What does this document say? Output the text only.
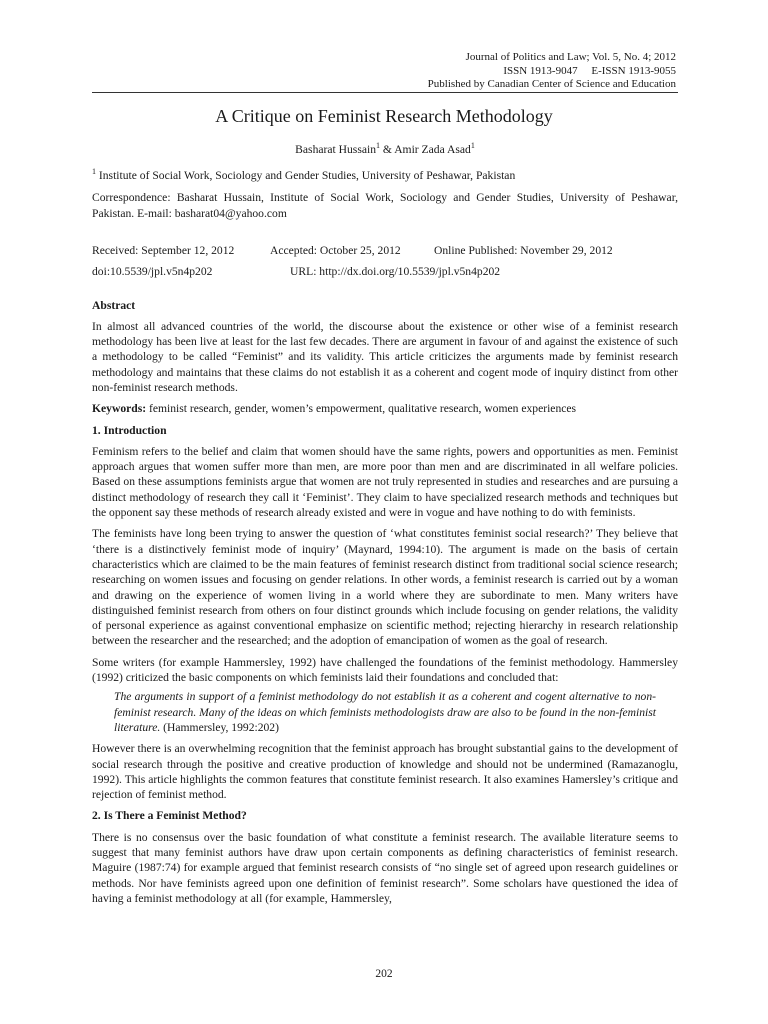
Journal of Politics and Law; Vol. 5, No. 4; 2012
ISSN 1913-9047     E-ISSN 1913-9055
Published by Canadian Center of Science and Education
A Critique on Feminist Research Methodology
Basharat Hussain$^1$ & Amir Zada Asad$^1$
$^1$ Institute of Social Work, Sociology and Gender Studies, University of Peshawar, Pakistan

Correspondence: Basharat Hussain, Institute of Social Work, Sociology and Gender Studies, University of Peshawar, Pakistan. E-mail: basharat04@yahoo.com

Received: September 12, 2012	Accepted: October 25, 2012	Online Published: November 29, 2012
doi:10.5539/jpl.v5n4p202	URL: http://dx.doi.org/10.5539/jpl.v5n4p202
Abstract

In almost all advanced countries of the world, the discourse about the existence or other wise of a feminist research methodology has been live at least for the last few decades. There are argument in favour of and against the existence of such a methodology to be called “Feminist” and its validity. This article criticizes the arguments made by feminist research methodology and maintains that these claims do not establish it as a coherent and cogent mode of inquiry distinct from other non-feminist research methods.

Keywords: feminist research, gender, women’s empowerment, qualitative research, women experiences

1. Introduction

Feminism refers to the belief and claim that women should have the same rights, powers and opportunities as men. Feminist approach argues that women suffer more than men, are more poor than men and are discriminated in all welfare policies. Based on these assumptions feminists argue that women are not truly represented in studies and researches and are pursuing a distinct methodology of research they call it ‘Feminist’. They claim to have specialized research methods and techniques but the opponent say these methods of research already existed and were in vogue and have nothing to do with feminists.

The feminists have long been trying to answer the question of ‘what constitutes feminist social research?’ They believe that ‘there is a distinctively feminist mode of inquiry’ (Maynard, 1994:10). The argument is made on the basis of certain characteristics which are claimed to be the main features of feminist research distinct from traditional social science research; researching on women issues and focusing on gender relations. In other words, a feminist research is carried out by a woman and drawing on the experience of women living in a world where they are subordinate to men. Many writers have distinguished feminist research from others on four distinct grounds which include focusing on gender relations, the validity of personal experience as against conventional emphasize on scientific method; rejecting hierarchy in research relationship between the researcher and the researched; and the adoption of emancipation of women as the goal of research.

Some writers (for example Hammersley, 1992) have challenged the foundations of the feminist methodology. Hammersley (1992) criticized the basic components on which feminists laid their foundations and concluded that:

The arguments in support of a feminist methodology do not establish it as a coherent and cogent alternative to non-feminist research. Many of the ideas on which feminists methodologists draw are also to be found in the non-feminist literature. (Hammersley, 1992:202)

However there is an overwhelming recognition that the feminist approach has brought substantial gains to the development of social research through the positive and creative production of knowledge and should not be undermined (Ramazanoglu, 1992). This article highlights the common features that constitute feminist research. It also examines Hamersley’s critique and rejection of feminist method.

2. Is There a Feminist Method?

There is no consensus over the basic foundation of what constitute a feminist research. The available literature seems to suggest that many feminist authors have draw upon certain components as defining characteristics of feminist research. Maguire (1987:74) for example argued that feminist research consists of “no single set of agreed upon research guidelines or methods. Nor have feminists agreed upon one definition of feminist research”. Some scholars have questioned the idea of having a feminist methodology at all (for example, Hammersley,

202
